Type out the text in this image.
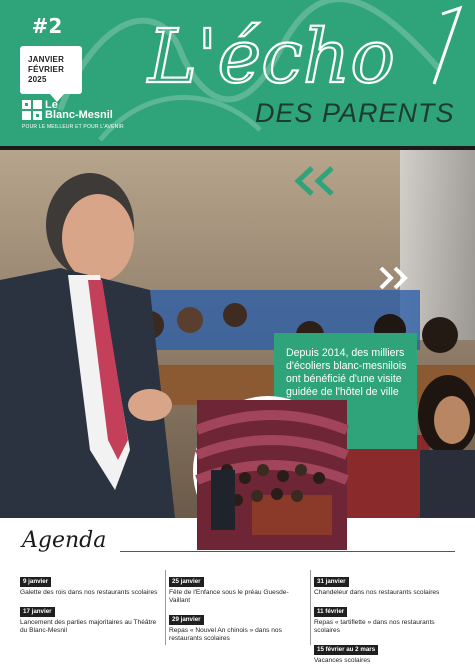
#2
JANVIER
FÉVRIER
2025
Le
Blanc-Mesnil
POUR LE MEILLEUR ET POUR L'AVENIR
L'écho
DES PARENTS
Depuis 2014, des milliers d'écoliers blanc-mesnilois ont bénéficié d'une visite guidée de l'hôtel de ville
Agenda
9 janvier
Galette des rois dans nos restaurants scolaires
17 janvier
Lancement des parties majoritaires au Théâtre du Blanc-Mesnil
25 janvier
Fête de l'Enfance sous le préau Guesde-Vaillant
29 janvier
Repas « Nouvel An chinois » dans nos restaurants scolaires
31 janvier
Chandeleur dans nos restaurants scolaires
11 février
Repas « tartiflette » dans nos restaurants scolaires
15 février au 2 mars
Vacances scolaires
